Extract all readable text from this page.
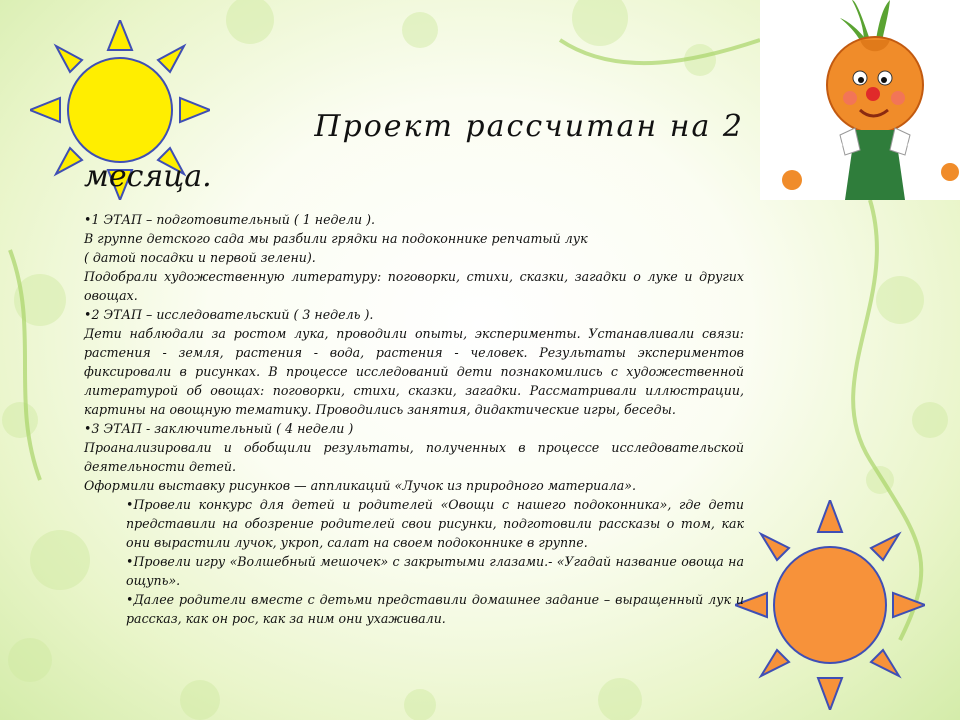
Проект рассчитан на 2
месяца.

• 1 ЭТАП – подготовительный ( 1 недели ).

В группе детского сада мы разбили грядки на подоконнике репчатый лук

( датой посадки и первой зелени).

Подобрали художественную литературу: поговорки, стихи, сказки, загадки о луке и других овощах.

• 2 ЭТАП – исследовательский ( 3 недель ).

Дети наблюдали за ростом лука, проводили опыты, эксперименты. Устанавливали связи: растения - земля, растения - вода, растения - человек. Результаты экспериментов фиксировали в рисунках. В процессе исследований дети познакомились с художественной литературой об овощах: поговорки, стихи, сказки, загадки. Рассматривали иллюстрации, картины на овощную тематику. Проводились занятия, дидактические игры, беседы.

• 3 ЭТАП - заключительный ( 4 недели )

Проанализировали и обобщили результаты, полученных в процессе исследовательской деятельности детей.

Оформили выставку рисунков — аппликаций «Лучок из природного материала».

• Провели конкурс для детей и родителей «Овощи с нашего подоконника», где дети представили на обозрение родителей свои рисунки, подготовили рассказы о том, как они вырастили лучок, укроп, салат на своем подоконнике в группе.

• Провели игру «Волшебный мешочек» с закрытыми глазами.- «Угадай название овоща на ощупь».

• Далее родители вместе с детьми представили домашнее задание – выращенный лук и рассказ, как он рос, как за ним они ухаживали.
